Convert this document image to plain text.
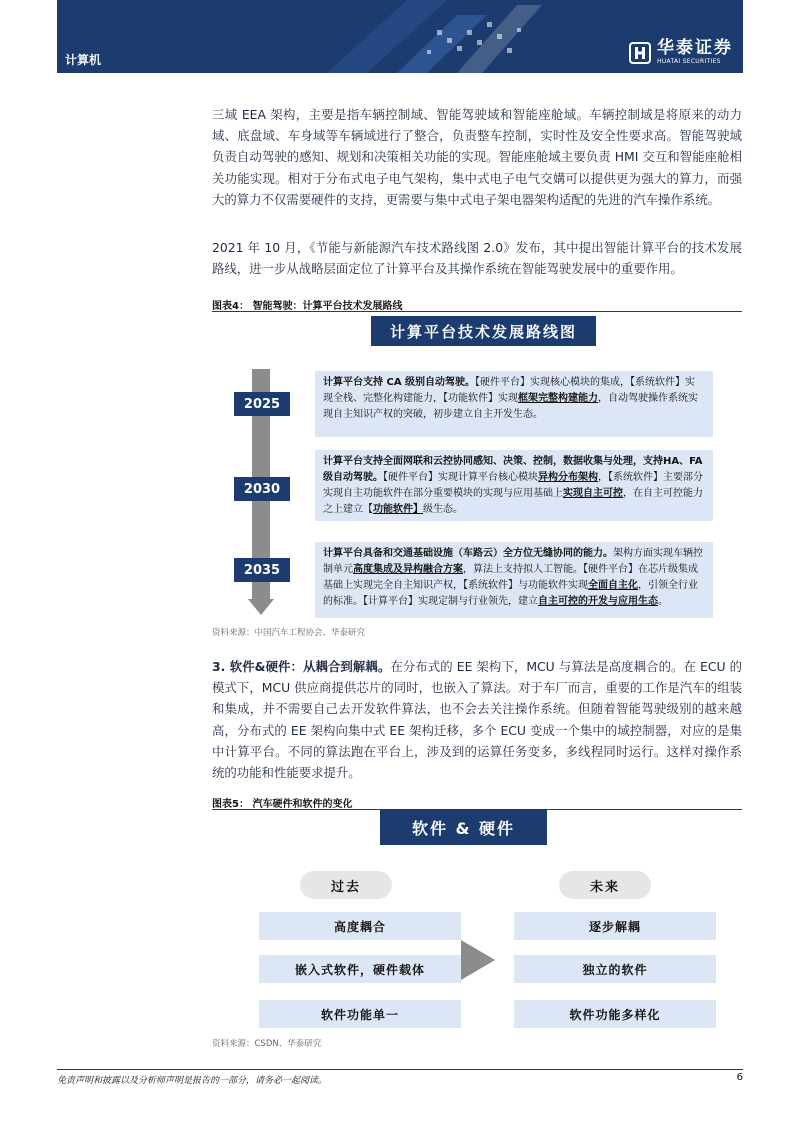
计算机
华泰证券
HUATAI SECURITIES

三域 EEA 架构，主要是指车辆控制域、智能驾驶域和智能座舱域。车辆控制域是将原来的动力域、底盘域、车身域等车辆域进行了整合，负责整车控制，实时性及安全性要求高。智能驾驶域负责自动驾驶的感知、规划和决策相关功能的实现。智能座舱域主要负责 HMI 交互和智能座舱相关功能实现。相对于分布式电子电气架构，集中式电子电气交媾可以提供更为强大的算力，而强大的算力不仅需要硬件的支持，更需要与集中式电子架电器架构适配的先进的汽车操作系统。

2021 年 10 月，《节能与新能源汽车技术路线图 2.0》发布，其中提出智能计算平台的技术发展路线，进一步从战略层面定位了计算平台及其操作系统在智能驾驶发展中的重要作用。

图表4： 智能驾驶：计算平台技术发展路线
计算平台技术发展路线图
2025
2030
2035
计算平台支持 CA 级别自动驾驶。【硬件平台】实现核心模块的集成，【系统软件】实现全栈、完整化构建能力，【功能软件】实现框架完整构建能力，自动驾驶操作系统实现自主知识产权的突破，初步建立自主开发生态。
计算平台支持全面网联和云控协同感知、决策、控制，数据收集与处理，支持HA、FA 级自动驾驶。【硬件平台】实现计算平台核心模块异构分布架构，【系统软件】主要部分实现自主功能软件在部分重要模块的实现与应用基础上实现自主可控，在自主可控能力之上建立【功能软件】级生态。
计算平台具备和交通基础设施（车路云）全方位无缝协同的能力。架构方面实现车辆控制单元高度集成及异构融合方案，算法上支持拟人工智能。【硬件平台】在芯片级集成基础上实现完全自主知识产权，【系统软件】与功能软件实现全面自主化，引领全行业的标准。【计算平台】实现定制与行业领先，建立自主可控的开发与应用生态。
资料来源：中国汽车工程协会、华泰研究

3. 软件&硬件：从耦合到解耦。在分布式的 EE 架构下，MCU 与算法是高度耦合的。在 ECU 的模式下，MCU 供应商提供芯片的同时，也嵌入了算法。对于车厂而言，重要的工作是汽车的组装和集成，并不需要自己去开发软件算法，也不会去关注操作系统。但随着智能驾驶级别的越来越高，分布式的 EE 架构向集中式 EE 架构迁移，多个 ECU 变成一个集中的域控制器，对应的是集中计算平台。不同的算法跑在平台上，涉及到的运算任务变多，多线程同时运行。这样对操作系统的功能和性能要求提升。

图表5： 汽车硬件和软件的变化
软件 & 硬件
过去	未来
高度耦合
嵌入式软件，硬件载体
软件功能单一
逐步解耦
独立的软件
软件功能多样化
资料来源：CSDN、华泰研究
免责声明和披露以及分析师声明是报告的一部分，请务必一起阅读。	6
